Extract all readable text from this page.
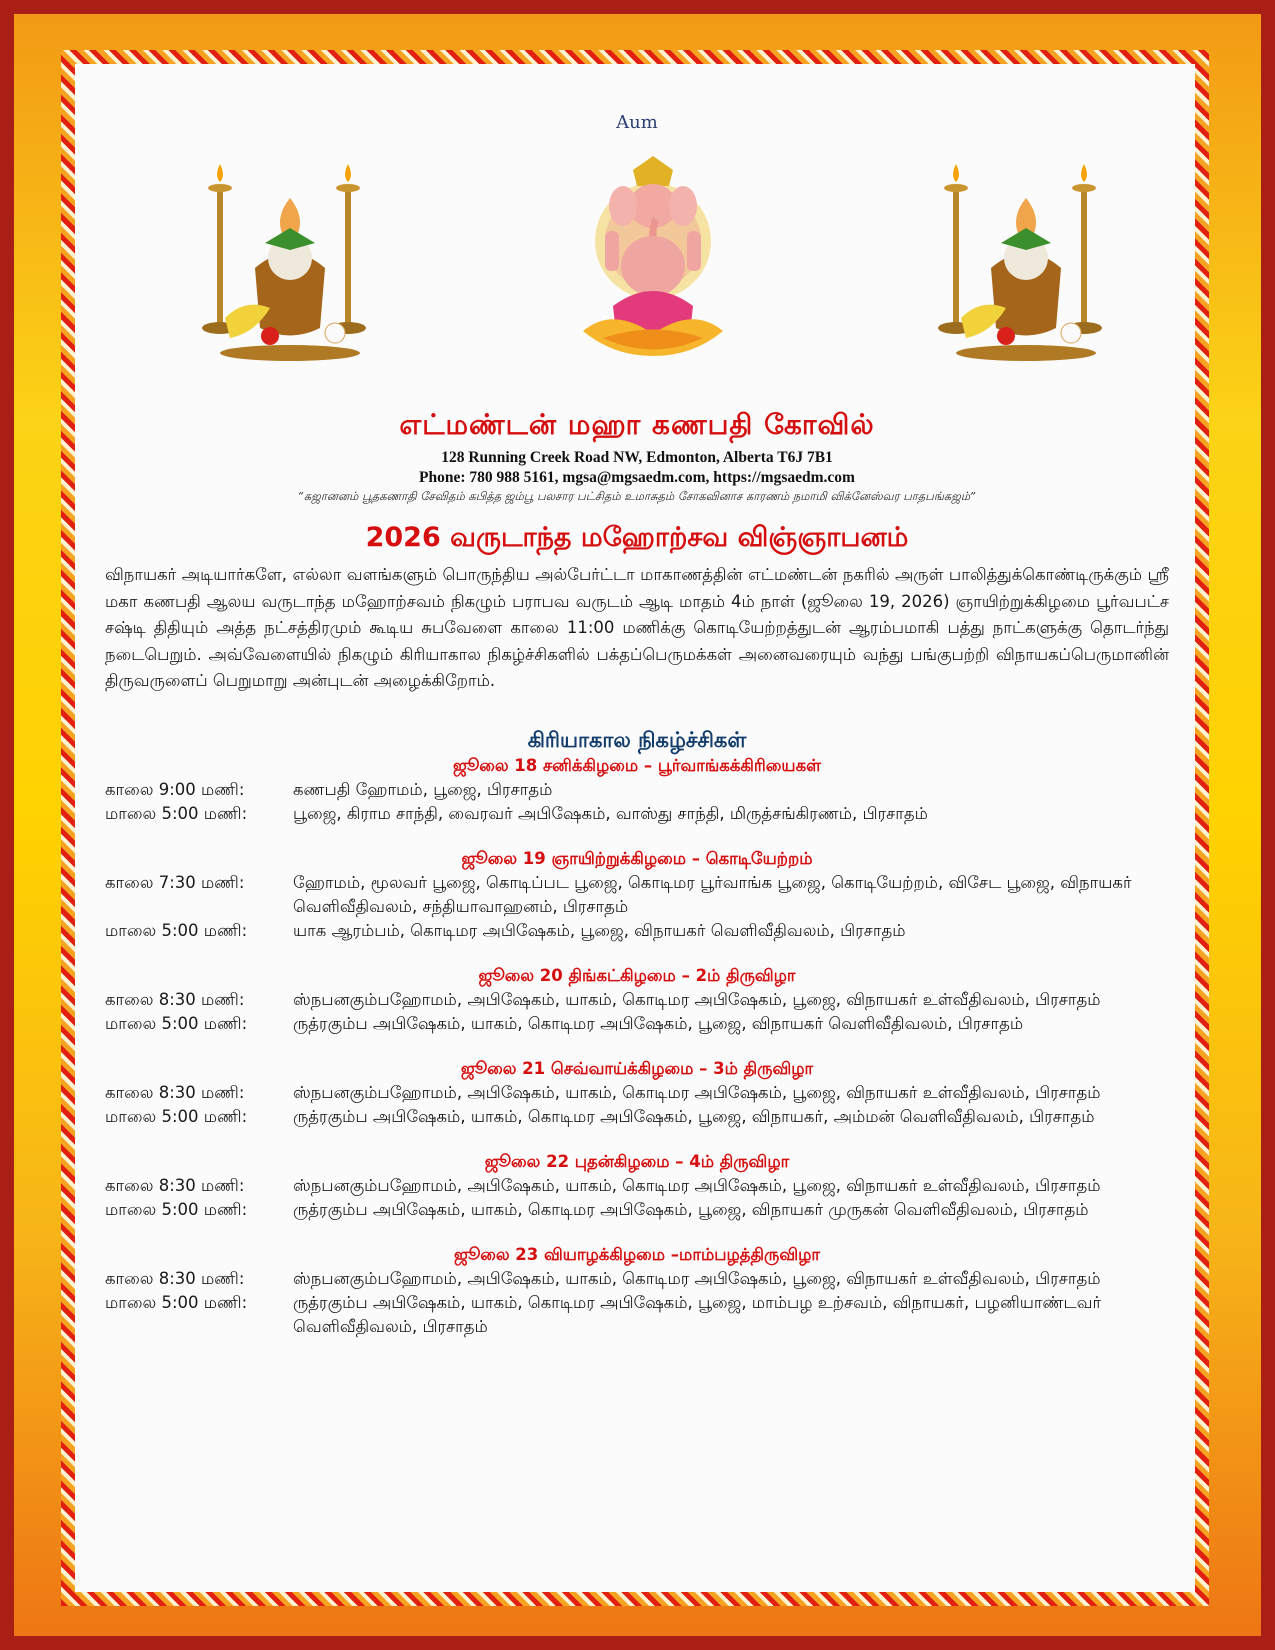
Aum
எட்மண்டன் மஹா கணபதி கோவில்
128 Running Creek Road NW, Edmonton, Alberta T6J 7B1
Phone: 780 988 5161, mgsa@mgsaedm.com, https://mgsaedm.com
“கஜானனம் பூதகணாதி சேவிதம் கபித்த ஜம்பூ பலசார பட்சிதம் உமாசுதம் சோகவினாச காரணம் நமாமி விக்னேஸ்வர பாதபங்கஜம்”
2026 வருடாந்த மஹோற்சவ விஞ்ஞாபனம்
விநாயகர் அடியார்களே, எல்லா வளங்களும் பொருந்திய அல்பேர்ட்டா மாகாணத்தின் எட்மண்டன் நகரில் அருள் பாலித்துக்கொண்டிருக்கும் ஸ்ரீ மகா கணபதி ஆலய வருடாந்த மஹோற்சவம் நிகழும் பராபவ வருடம் ஆடி மாதம் 4ம் நாள் (ஜூலை 19, 2026) ஞாயிற்றுக்கிழமை பூர்வபட்ச சஷ்டி திதியும் அத்த நட்சத்திரமும் கூடிய சுபவேளை காலை 11:00 மணிக்கு கொடியேற்றத்துடன் ஆரம்பமாகி பத்து நாட்களுக்கு தொடர்ந்து நடைபெறும். அவ்வேளையில் நிகழும் கிரியாகால நிகழ்ச்சிகளில் பக்தப்பெருமக்கள் அனைவரையும் வந்து பங்குபற்றி விநாயகப்பெருமானின் திருவருளைப் பெறுமாறு அன்புடன் அழைக்கிறோம்.
கிரியாகால நிகழ்ச்சிகள்
ஜூலை 18 சனிக்கிழமை – பூர்வாங்கக்கிரியைகள்
காலை 9:00 மணி:	கணபதி ஹோமம், பூஜை, பிரசாதம்
மாலை 5:00 மணி:	பூஜை, கிராம சாந்தி, வைரவர் அபிஷேகம், வாஸ்து சாந்தி, மிருத்சங்கிரணம், பிரசாதம்
ஜூலை 19 ஞாயிற்றுக்கிழமை – கொடியேற்றம்
காலை 7:30 மணி:	ஹோமம், மூலவர் பூஜை, கொடிப்பட பூஜை, கொடிமர பூர்வாங்க பூஜை, கொடியேற்றம், விசேட பூஜை, விநாயகர் வெளிவீதிவலம், சந்தியாவாஹனம், பிரசாதம்
மாலை 5:00 மணி:	யாக ஆரம்பம், கொடிமர அபிஷேகம், பூஜை, விநாயகர் வெளிவீதிவலம், பிரசாதம்
ஜூலை 20 திங்கட்கிழமை – 2ம் திருவிழா
காலை 8:30 மணி:	ஸ்நபனகும்பஹோமம், அபிஷேகம், யாகம், கொடிமர அபிஷேகம், பூஜை, விநாயகர் உள்வீதிவலம், பிரசாதம்
மாலை 5:00 மணி:	ருத்ரகும்ப அபிஷேகம், யாகம், கொடிமர அபிஷேகம், பூஜை, விநாயகர் வெளிவீதிவலம், பிரசாதம்
ஜூலை 21 செவ்வாய்க்கிழமை – 3ம் திருவிழா
காலை 8:30 மணி:	ஸ்நபனகும்பஹோமம், அபிஷேகம், யாகம், கொடிமர அபிஷேகம், பூஜை, விநாயகர் உள்வீதிவலம், பிரசாதம்
மாலை 5:00 மணி:	ருத்ரகும்ப அபிஷேகம், யாகம், கொடிமர அபிஷேகம், பூஜை, விநாயகர், அம்மன் வெளிவீதிவலம், பிரசாதம்
ஜூலை 22 புதன்கிழமை – 4ம் திருவிழா
காலை 8:30 மணி:	ஸ்நபனகும்பஹோமம், அபிஷேகம், யாகம், கொடிமர அபிஷேகம், பூஜை, விநாயகர் உள்வீதிவலம், பிரசாதம்
மாலை 5:00 மணி:	ருத்ரகும்ப அபிஷேகம், யாகம், கொடிமர அபிஷேகம், பூஜை, விநாயகர் முருகன் வெளிவீதிவலம், பிரசாதம்
ஜூலை 23 வியாழக்கிழமை –மாம்பழத்திருவிழா
காலை 8:30 மணி:	ஸ்நபனகும்பஹோமம், அபிஷேகம், யாகம், கொடிமர அபிஷேகம், பூஜை, விநாயகர் உள்வீதிவலம், பிரசாதம்
மாலை 5:00 மணி:	ருத்ரகும்ப அபிஷேகம், யாகம், கொடிமர அபிஷேகம், பூஜை, மாம்பழ உற்சவம், விநாயகர், பழனியாண்டவர் வெளிவீதிவலம், பிரசாதம்
